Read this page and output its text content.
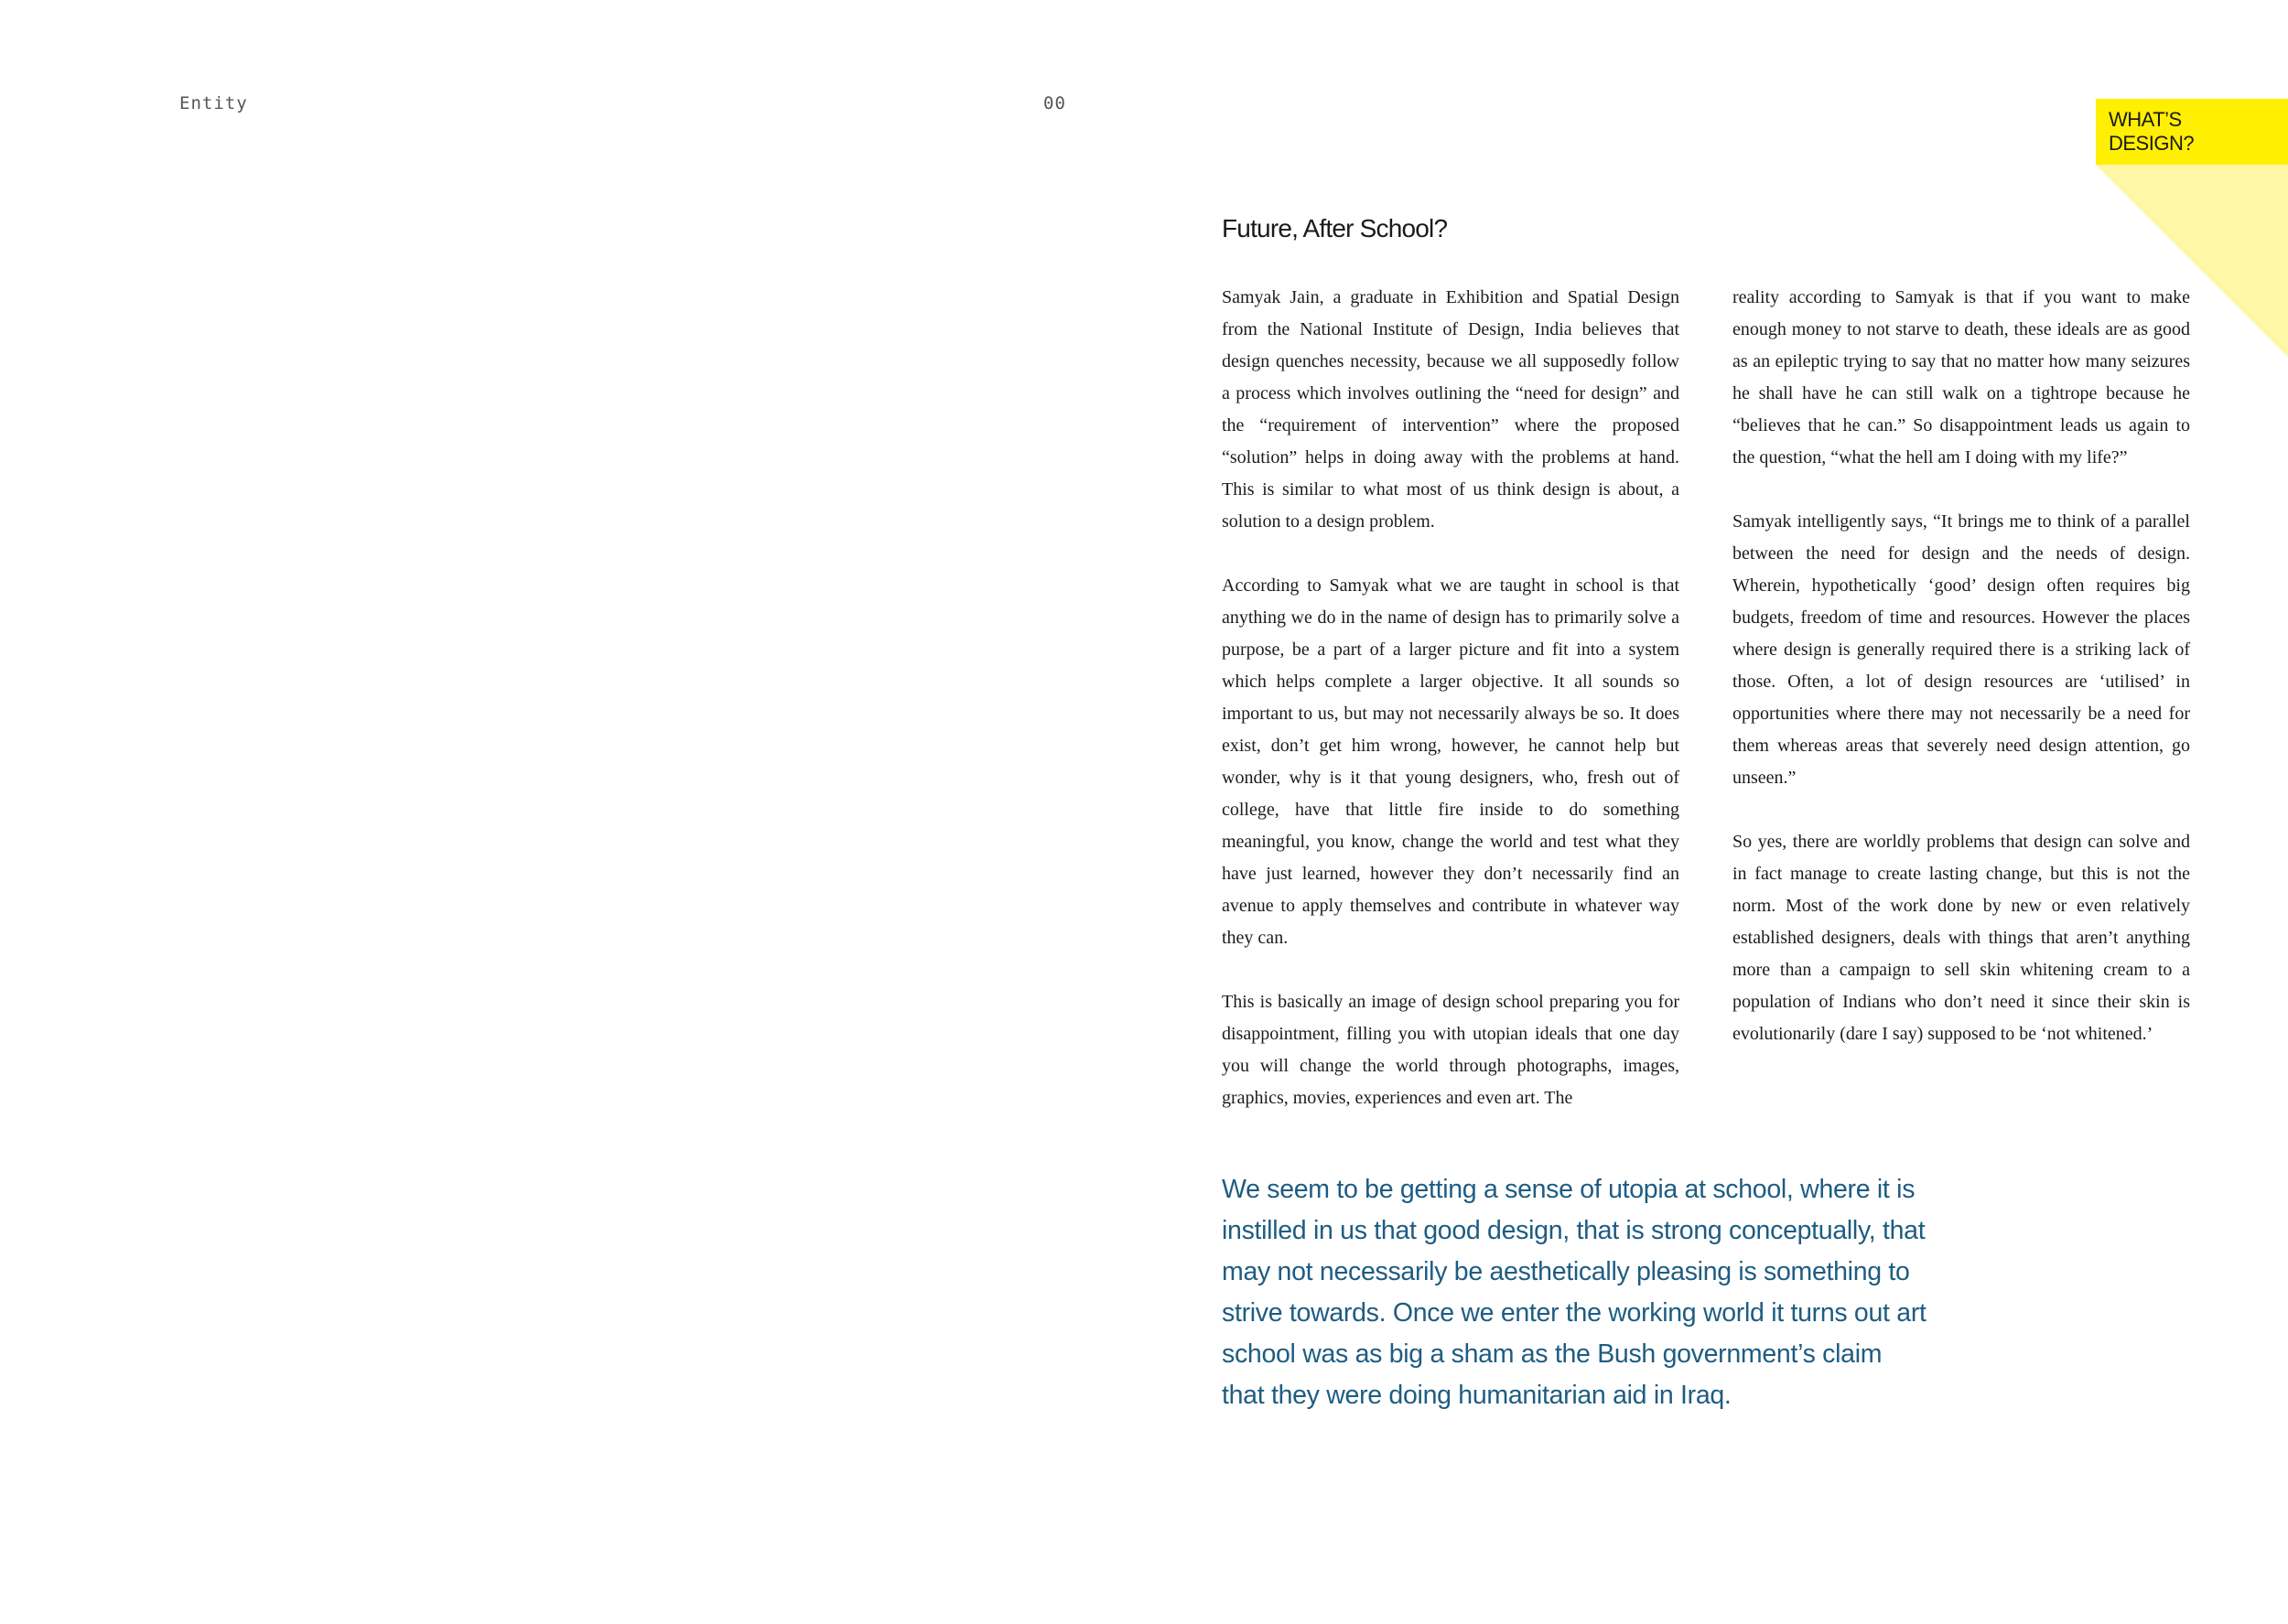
Entity	00
WHAT’S
DESIGN?
Future, After School?

Samyak Jain, a graduate in Exhibition and Spatial Design from the National Institute of Design, India believes that design quenches necessity, because we all supposedly follow a process which involves outlining the “need for design” and the “requirement of intervention” where the proposed “solution” helps in doing away with the problems at hand. This is similar to what most of us think design is about, a solution to a design problem.

According to Samyak what we are taught in school is that anything we do in the name of design has to primarily solve a purpose, be a part of a larger picture and fit into a system which helps complete a larger objective. It all sounds so important to us, but may not necessarily always be so. It does exist, don’t get him wrong, however, he cannot help but wonder, why is it that young designers, who, fresh out of college, have that little fire inside to do something meaningful, you know, change the world and test what they have just learned, however they don’t necessarily find an avenue to apply themselves and contribute in whatever way they can.

This is basically an image of design school preparing you for disappointment, filling you with utopian ideals that one day you will change the world through photographs, images, graphics, movies, experiences and even art. The

reality according to Samyak is that if you want to make enough money to not starve to death, these ideals are as good as an epileptic trying to say that no matter how many seizures he shall have he can still walk on a tightrope because he “believes that he can.” So disappointment leads us again to the question, “what the hell am I doing with my life?”

Samyak intelligently says, “It brings me to think of a parallel between the need for design and the needs of design. Wherein, hypothetically ‘good’ design often requires big budgets, freedom of time and resources. However the places where design is generally required there is a striking lack of those. Often, a lot of design resources are ‘utilised’ in opportunities where there may not necessarily be a need for them whereas areas that severely need design attention, go unseen.”

So yes, there are worldly problems that design can solve and in fact manage to create lasting change, but this is not the norm. Most of the work done by new or even relatively established designers, deals with things that aren’t anything more than a campaign to sell skin whitening cream to a population of Indians who don’t need it since their skin is evolutionarily (dare I say) supposed to be ‘not whitened.’

We seem to be getting a sense of utopia at school, where it is instilled in us that good design, that is strong conceptually, that may not necessarily be aesthetically pleasing is something to strive towards. Once we enter the working world it turns out art school was as big a sham as the Bush government’s claim that they were doing humanitarian aid in Iraq.
